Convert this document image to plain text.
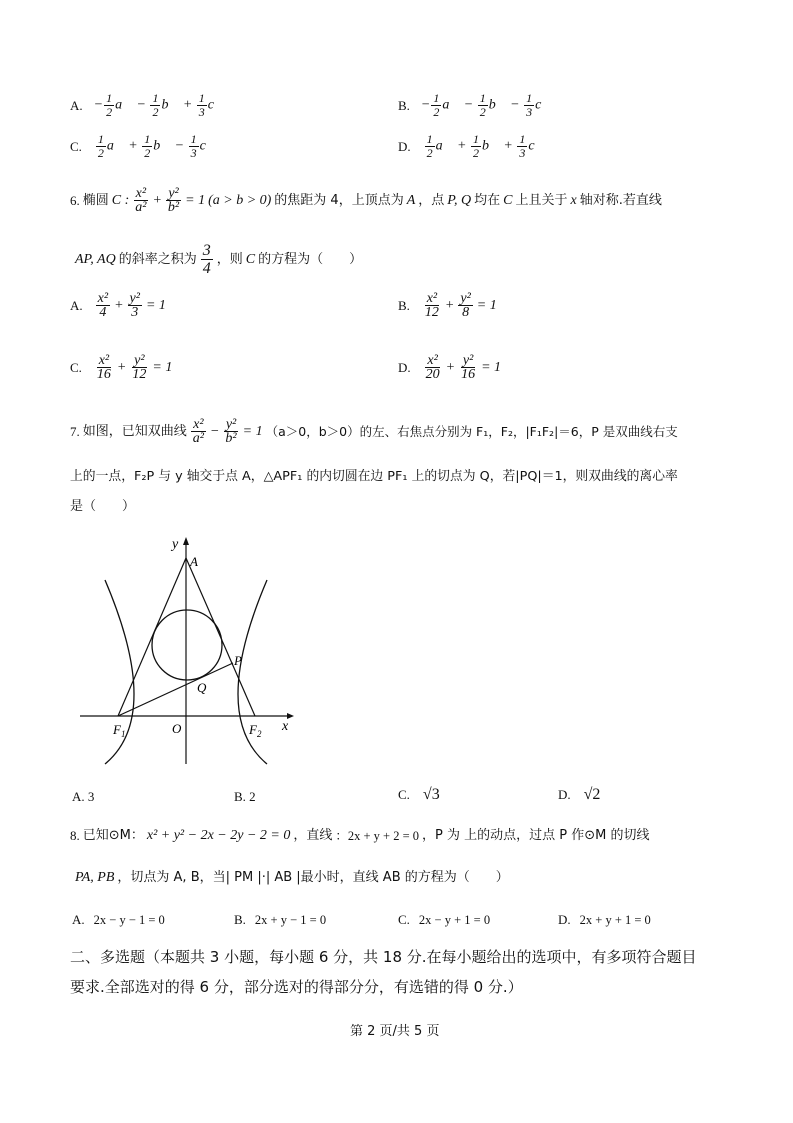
A. − $\frac{1}{2}$ a⃗ − $\frac{1}{2}$ b⃗ + $\frac{1}{3}$ c⃗	B. − $\frac{1}{2}$ a⃗ − $\frac{1}{2}$ b⃗ − $\frac{1}{3}$ c⃗
C. $\frac{1}{2}$ a⃗ + $\frac{1}{2}$ b⃗ − $\frac{1}{3}$ c⃗	D. $\frac{1}{2}$ a⃗ + $\frac{1}{2}$ b⃗ + $\frac{1}{3}$ c⃗
6. 椭圆 C : $\frac{\text{x²}}{\text{a²}} + \frac{\text{y²}}{\text{b²}} = 1$ (a > b > 0) 的焦距为 4，上顶点为 A ，点 P, Q 均在 C 上且关于 x 轴对称.若直线
AP, AQ 的斜率之积为 $\frac{3}{4}$ ，则 C 的方程为（　　）
A. $\frac{\text{x²}}{4} + \frac{\text{y²}}{3} = 1$	B. $\frac{\text{x²}}{12} + \frac{\text{y²}}{8} = 1$
C. $\frac{\text{x²}}{16} + \frac{\text{y²}}{12} = 1$	D. $\frac{\text{x²}}{20} + \frac{\text{y²}}{16} = 1$
7. 如图，已知双曲线 $\frac{\text{x²}}{\text{a²}} - \frac{\text{y²}}{\text{b²}} = 1$ （a＞0，b＞0）的左、右焦点分别为 F₁，F₂，|F₁F₂|＝6，P 是双曲线右支
上的一点，F₂P 与 y 轴交于点 A，△APF₁ 的内切圆在边 PF₁ 上的切点为 Q，若|PQ|＝1，则双曲线的离心率
是（　　）
y
A
P
Q
F 1	O	F 2 x
A. 3	B. 2	C. √3	D. √2
8. 已知⊙M： x² + y² − 2x − 2y − 2 = 0 ，直线 ：2x + y + 2 = 0 ，P 为 上的动点，过点 P 作⊙M 的切线
PA, PB ，切点为 A, B，当| PM |·| AB |最小时，直线 AB 的方程为（　　）
A. 2x − y − 1 = 0	B. 2x + y − 1 = 0	C. 2x − y + 1 = 0	D. 2x + y + 1 = 0
二、多选题（本题共 3 小题，每小题 6 分，共 18 分.在每小题给出的选项中，有多项符合题目
要求.全部选对的得 6 分，部分选对的得部分分，有选错的得 0 分.）
第 2 页/共 5 页
